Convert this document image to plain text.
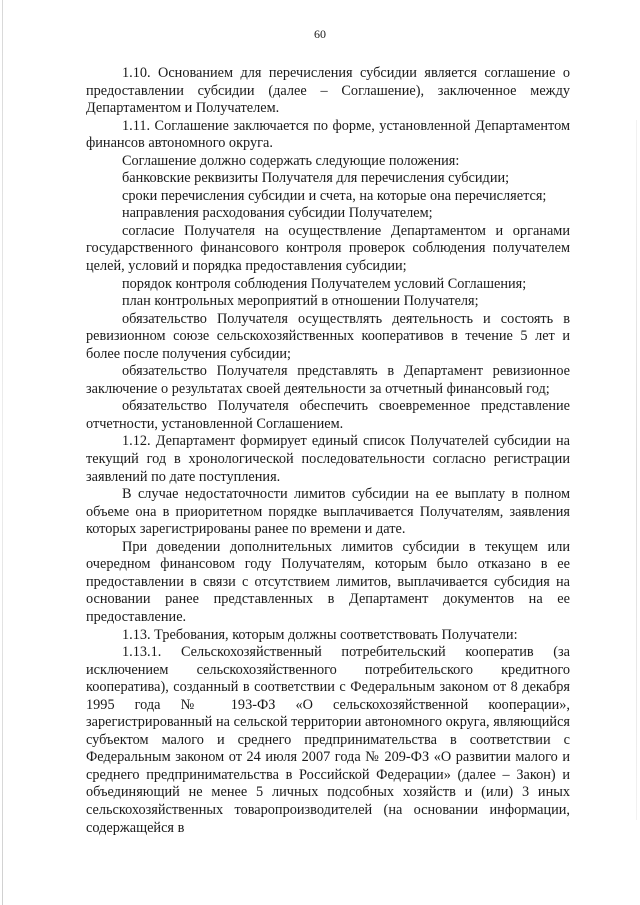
60

1.10. Основанием для перечисления субсидии является соглашение о предоставлении субсидии (далее – Соглашение), заключенное между Департаментом и Получателем.

1.11. Соглашение заключается по форме, установленной Департаментом финансов автономного округа.

Соглашение должно содержать следующие положения:

банковские реквизиты Получателя для перечисления субсидии;

сроки перечисления субсидии и счета, на которые она перечисляется;

направления расходования субсидии Получателем;

согласие Получателя на осуществление Департаментом и органами государственного финансового контроля проверок соблюдения получателем целей, условий и порядка предоставления субсидии;

порядок контроля соблюдения Получателем условий Соглашения;

план контрольных мероприятий в отношении Получателя;

обязательство Получателя осуществлять деятельность и состоять в ревизионном союзе сельскохозяйственных кооперативов в течение 5 лет и более после получения субсидии;

обязательство Получателя представлять в Департамент ревизионное заключение о результатах своей деятельности за отчетный финансовый год;

обязательство Получателя обеспечить своевременное представление отчетности, установленной Соглашением.

1.12. Департамент формирует единый список Получателей субсидии на текущий год в хронологической последовательности согласно регистрации заявлений по дате поступления.

В случае недостаточности лимитов субсидии на ее выплату в полном объеме она в приоритетном порядке выплачивается Получателям, заявления которых зарегистрированы ранее по времени и дате.

При доведении дополнительных лимитов субсидии в текущем или очередном финансовом году Получателям, которым было отказано в ее предоставлении в связи с отсутствием лимитов, выплачивается субсидия на основании ранее представленных в Департамент документов на ее предоставление.

1.13. Требования, которым должны соответствовать Получатели:

1.13.1. Сельскохозяйственный потребительский кооператив (за исключением сельскохозяйственного потребительского кредитного кооператива), созданный в соответствии с Федеральным законом от 8 декабря 1995 года № 193-ФЗ «О сельскохозяйственной кооперации», зарегистрированный на сельской территории автономного округа, являющийся субъектом малого и среднего предпринимательства в соответствии с Федеральным законом от 24 июля 2007 года № 209-ФЗ «О развитии малого и среднего предпринимательства в Российской Федерации» (далее – Закон) и объединяющий не менее 5 личных подсобных хозяйств и (или) 3 иных сельскохозяйственных товаропроизводителей (на основании информации, содержащейся в
